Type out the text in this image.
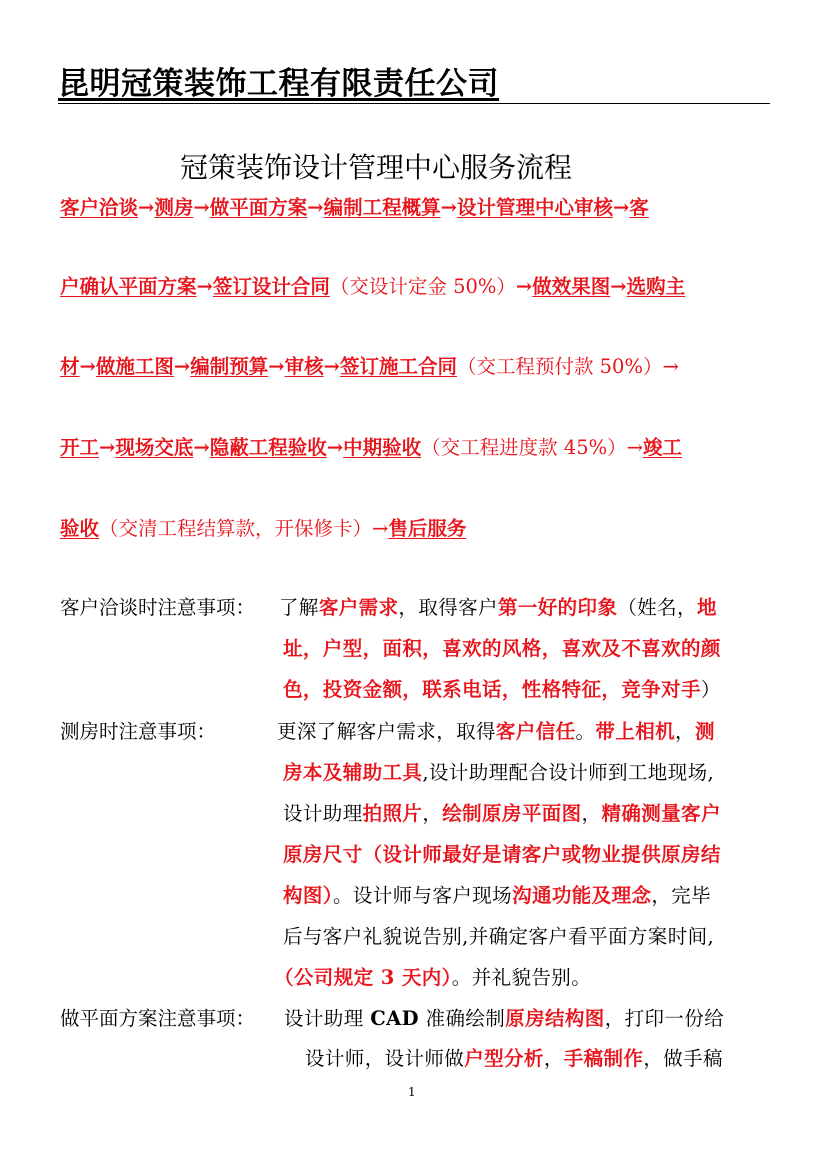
昆明冠策装饰工程有限责任公司
冠策装饰设计管理中心服务流程
客户洽谈→测房→做平面方案→编制工程概算→设计管理中心审核→客
户确认平面方案→签订设计合同（交设计定金 50%）→做效果图→选购主
材→做施工图→编制预算→审核→签订施工合同（交工程预付款 50%）→
开工→现场交底→隐蔽工程验收→中期验收（交工程进度款 45%）→竣工
验收（交清工程结算款，开保修卡）→售后服务
客户洽谈时注意事项： 了解客户需求，取得客户第一好的印象（姓名，地
址，户型，面积，喜欢的风格，喜欢及不喜欢的颜
色，投资金额，联系电话，性格特征，竞争对手）
测房时注意事项：	更深了解客户需求，取得客户信任。带上相机，测
房本及辅助工具,设计助理配合设计师到工地现场,
设计助理拍照片，绘制原房平面图，精确测量客户
原房尺寸（设计师最好是请客户或物业提供原房结
构图）。设计师与客户现场沟通功能及理念，完毕
后与客户礼貌说告别,并确定客户看平面方案时间,
（公司规定 3 天内）。并礼貌告别。
做平面方案注意事项： 设计助理 CAD 准确绘制原房结构图，打印一份给
设计师，设计师做户型分析，手稿制作，做手稿
1
